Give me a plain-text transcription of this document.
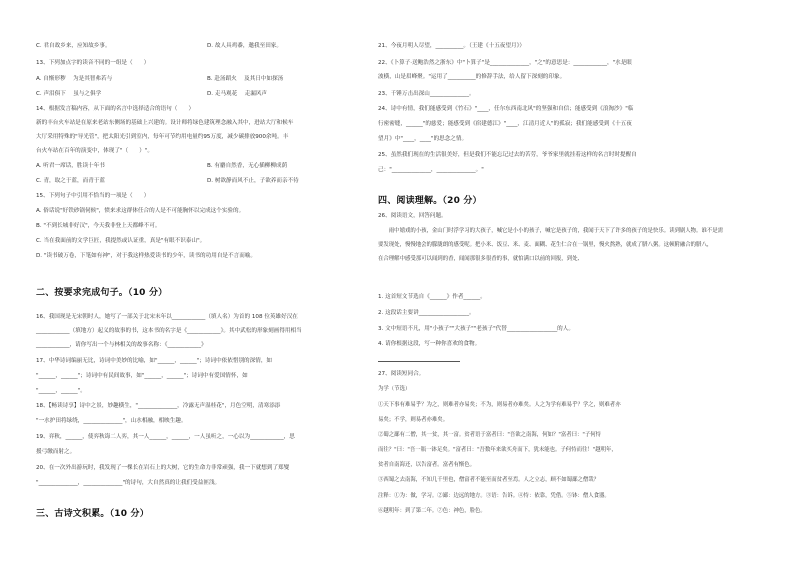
C. 君自故乡来，应知故乡事。	D. 故人具鸡黍，邀我至田家。
13、下列加点字的读音不同的一组是（　　）
A. 自惭形秽　 为是其智弗若与	B. 赴汤蹈火　 及其日中如探汤
C. 声泪俱下　 虽与之俱学	D. 走马观花　 走漏风声
14、根据发言稿内容，从下面的名言中选择适合的语句（　　）
新的丰台火车站是在原来老站东侧场的基础上兴建的。设计师将绿色建筑理念融入其中，进站大厅和候车
大厅采用特殊的"导光管"，把太阳光引到室内，每年可节约用电量约95万度，减少碳排放900余吨。丰
台火车站在百年的演变中，体现了"（　　）"。
A. 听君一席话，胜读十年书	B. 有麝自然香，无心插柳柳成荫
C. 青，取之于蓝，而青于蓝	D. 树欲静而风不止，子欲养而亲不待
15、下列句子中引用不恰当的一项是（　　）
A. 俗话说"好铁砂锅伺候"，愤来求这群体任合的人是不可能胸怀以完成这个实验的。
B. "不到长城非好汉"，今天我非登上天都峰不可。
C. 当在我面前的文学巨匠，我提然或认证重，真是"有眼不识泰山"。
D. "读书破万卷，下笔如有神"，对于我这样热爱读书的少年，读书的功用自是不言而喻。
二、按要求完成句子。（10 分）
16、我国现是无宋朝时人，她写了一部关于北宋末年以____________（填人名）为首的 108 位英雄好汉在
____________（填地方）起义的故事的书，这本书的名字是《____________》。其中武松的形象刻画得用相当
____________，请你写出一个与林相关的故事名称：《____________》
17、中华诗词编丽无比，诗词中美妙的比喻，如"______，______"；诗词中依依惜别的深情，如
"______，______"；诗词中有民间故事，如"______，______"；诗词中有爱国情怀，如
"______，______"。
18、【畅读诗享】诗中之景，妙趣横生，"______________，冷露无声湿桂花"，月色空明，清寒添添
"一水护田将绿绕，______________"，山水相融，相映生趣。
19、弈秋，______，使弈秋诲二人弈，其一人______，______，一人虽听之，一心以为____________，思
援弓缴而射之。
20、在一次外出游玩时，我发现了一棵长在岩石上的大树，它的生命力非常顽强，我一下就想到了郑燮
"______________，______________"的诗句，大自然真的让我们受益匪浅。
三、古诗文积累。（10 分）
21、今夜月明人尽望，__________。（王建《十五夜望月》）
22、《卜算子·送鲍浩然之浙东》中"卜算子"是______________，"之"的意思是：____________，"水是眼
波横，山是眉峰聚。"运用了__________的修辞手法，给人留下深刻的印象。
23、千锤万击出深山______________。
24、诗中有情，我们能感受到《竹石》"____，任尔东西南北风"的坚强和自信；能感受到《浪淘沙》"临
行密密缝，______"的慈爱；能感受到《宿建德江》"____，江清月近人"的孤寂；我们能感受到《十五夜
望月》中"____，____"的思念之情。
25、虽然我们现在的生活很美好，但是我们不能忘记过去的苦劳，爷爷家里就挂着这样的名言时时提醒自
己："______________，______________。"
四、阅读理解。（20 分）
26、阅读语文，回答问题。
　　雨中嬉戏的小孩，金山门时浮学习的大孩子，喊它是小小的孩子，喊它是孩子的，我闻于天下了许多的孩子的是快乐。读到剧人物。谁不是需
要发现处，慢慢地会的朦胧朗的感受呢。把小米、饭豆、米、麦、面糊、花生仁合在一锅里，慢火熬熟，就成了腊八粥。这顿附融合的腊八，
在合理解中感受那可以闻到的香，闻闻那很多很香的事，就怕满口以前的回报，到处、
1. 这首短文节选自《______》作者______。
2. 这段话主要讲__________________。
3. 文中短语不凡，用"小孩子""大孩子""老孩子"代替__________________的人。
4. 请你根据这段，写一种你喜欢的食物。
27、阅读短同合。
为学（节选）
①天下事有难易乎？为之，则难者亦易矣；不为，则易者亦难矣。人之为学有难易乎？学之，则难者亦
易矣；不学，则易者亦难矣。
②蜀之鄙有二僧，其一贫，其一富。贫者语于富者曰："吾欲之南海，何如？"富者曰："子何恃
而往？"曰："吾一瓶一钵足矣。"富者曰："吾数年来欲买舟而下，犹未能也。子何恃而往！"越明年，
贫者自南海还，以告富者。富者有惭色。
③西蜀之去南海，不知几千里也，僧富者不能至而贫者至焉。人之立志，顾不如蜀鄙之僧哉？
注释：①为：做，学习。②鄙：边远的地方。③语：告诉。④恃：依靠，凭借。⑤钵：僧人食器。
⑥越明年：到了第二年。⑦色：神色，脸色。
